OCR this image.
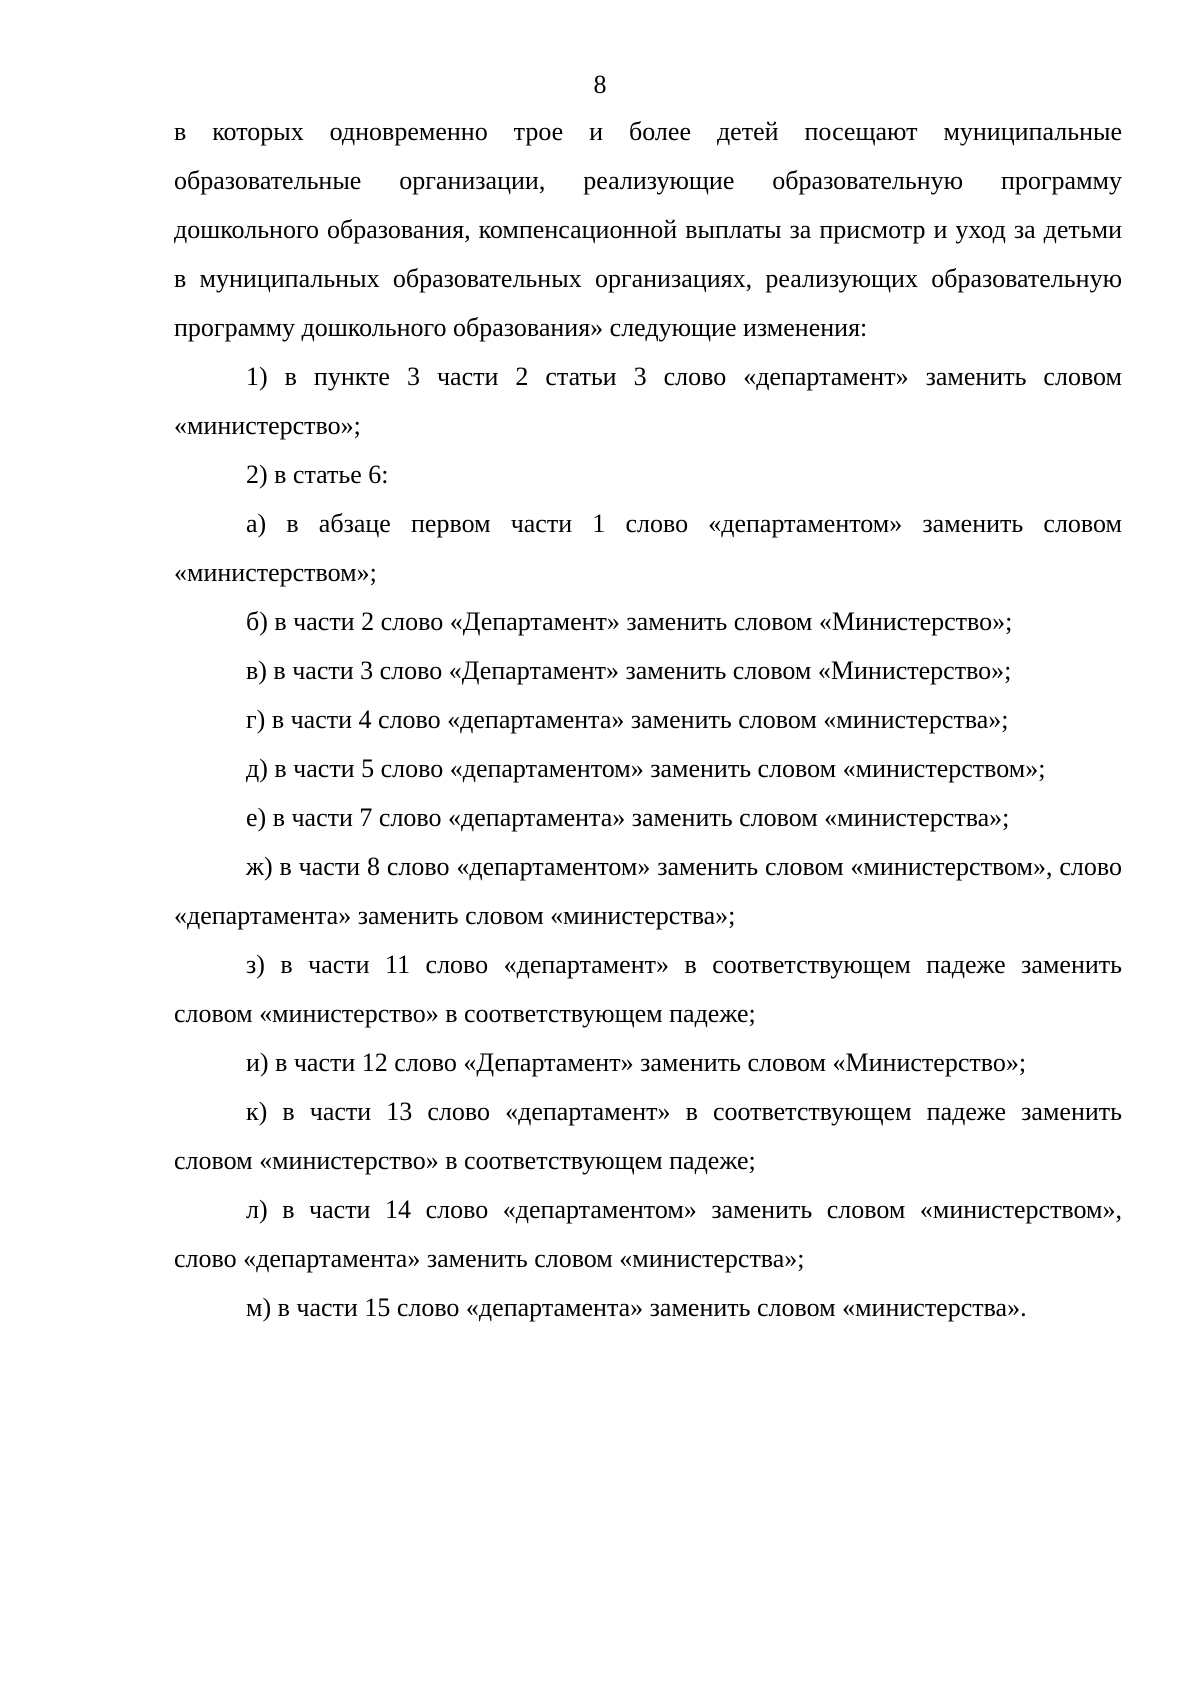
8

в которых одновременно трое и более детей посещают муниципальные образовательные организации, реализующие образовательную программу дошкольного образования, компенсационной выплаты за присмотр и уход за детьми в муниципальных образовательных организациях, реализующих образовательную программу дошкольного образования» следующие изменения:

1) в пункте 3 части 2 статьи 3 слово «департамент» заменить словом «министерство»;

2) в статье 6:

а) в абзаце первом части 1 слово «департаментом» заменить словом «министерством»;

б) в части 2 слово «Департамент» заменить словом «Министерство»;

в) в части 3 слово «Департамент» заменить словом «Министерство»;

г) в части 4 слово «департамента» заменить словом «министерства»;

д) в части 5 слово «департаментом» заменить словом «министерством»;

е) в части 7 слово «департамента» заменить словом «министерства»;

ж) в части 8 слово «департаментом» заменить словом «министерством», слово «департамента» заменить словом «министерства»;

з) в части 11 слово «департамент» в соответствующем падеже заменить словом «министерство» в соответствующем падеже;

и) в части 12 слово «Департамент» заменить словом «Министерство»;

к) в части 13 слово «департамент» в соответствующем падеже заменить словом «министерство» в соответствующем падеже;

л) в части 14 слово «департаментом» заменить словом «министерством», слово «департамента» заменить словом «министерства»;

м) в части 15 слово «департамента» заменить словом «министерства».
